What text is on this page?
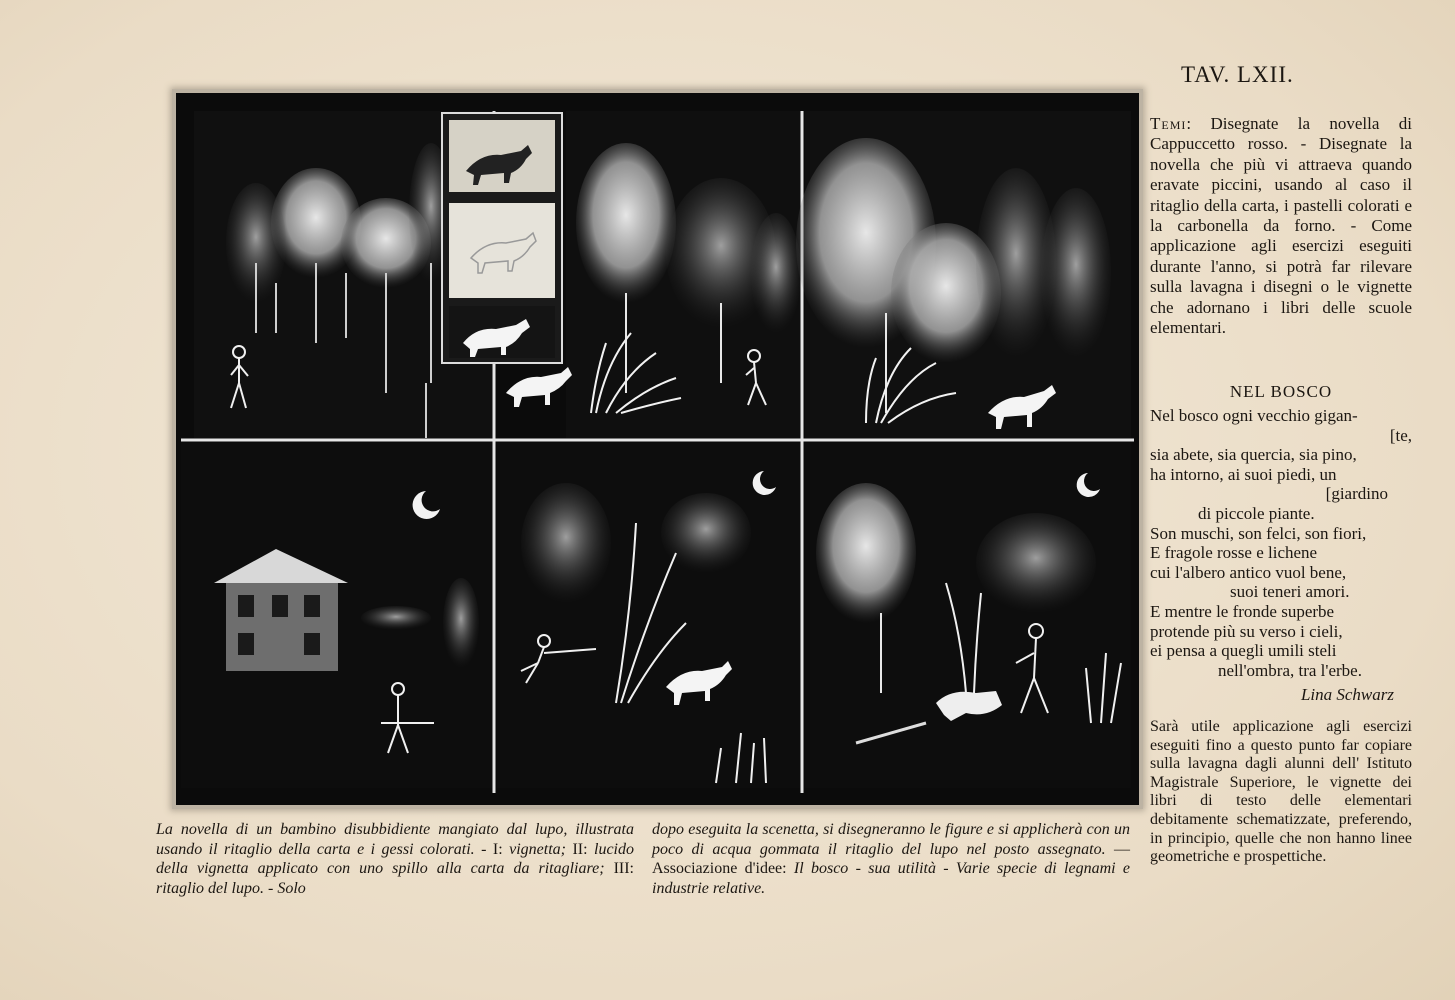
TAV. LXII.
Temi: Disegnate la novella di Cappuccetto rosso. - Disegnate la novella che più vi attraeva quando eravate piccini, usando al caso il ritaglio della carta, i pastelli colorati e la carbonella da forno. - Come applicazione agli esercizi eseguiti durante l'anno, si potrà far rilevare sulla lavagna i disegni o le vignette che adornano i libri delle scuole elementari.
NEL BOSCO
Nel bosco ogni vecchio gigan-
[te,
sia abete, sia quercia, sia pino,
ha intorno, ai suoi piedi, un
[giardino
di piccole piante.
Son muschi, son felci, son fiori,
E fragole rosse e lichene
cui l'albero antico vuol bene,
suoi teneri amori.
E mentre le fronde superbe
protende più su verso i cieli,
ei pensa a quegli umili steli
nell'ombra, tra l'erbe.
Lina Schwarz
Sarà utile applicazione agli esercizi eseguiti fino a questo punto far copiare sulla lavagna dagli alunni dell' Istituto Magistrale Superiore, le vignette dei libri di testo delle elementari debitamente schematizzate, preferendo, in principio, quelle che non hanno linee geometriche e prospettiche.
La novella di un bambino disubbidiente mangiato dal lupo, illustrata usando il ritaglio della carta e i gessi colorati. - I: vignetta; II: lucido della vignetta applicato con uno spillo alla carta da ritagliare; III: ritaglio del lupo. - Solo
dopo eseguita la scenetta, si disegneranno le figure e si applicherà con un poco di acqua gommata il ritaglio del lupo nel posto assegnato. — Associazione d'idee: Il bosco - sua utilità - Varie specie di legnami e industrie relative.
